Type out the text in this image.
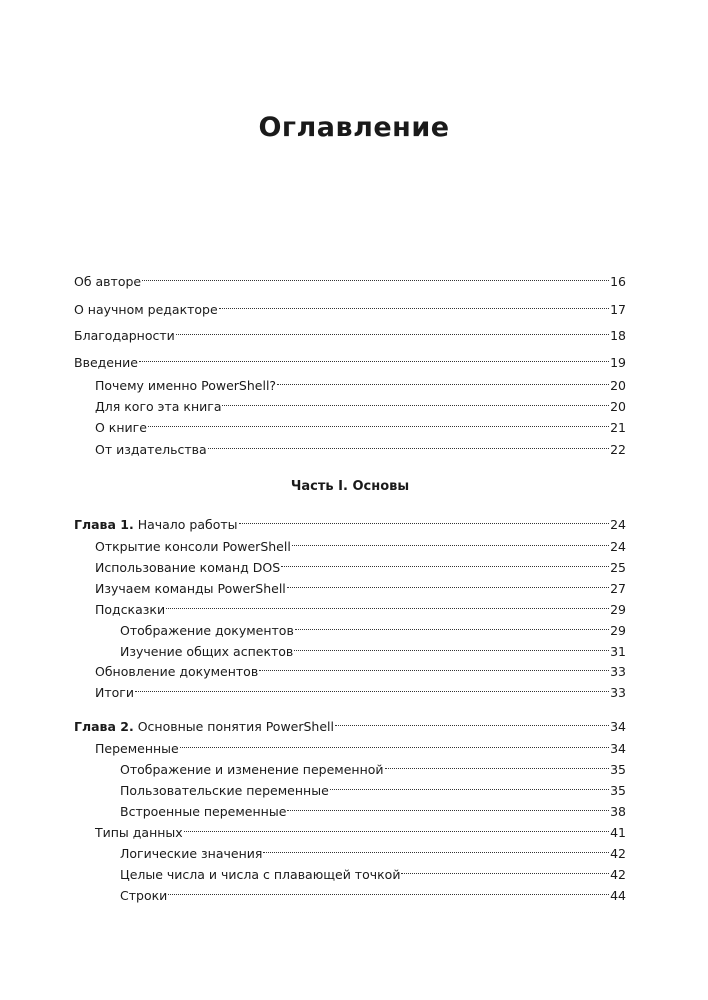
Оглавление
Об авторе	16
О научном редакторе	17
Благодарности	18
Введение	19
Почему именно PowerShell?	20
Для кого эта книга	20
О книге	21
От издательства	22
Часть I. Основы
Глава 1. Начало работы	24
Открытие консоли PowerShell	24
Использование команд DOS	25
Изучаем команды PowerShell	27
Подсказки	29
Отображение документов	29
Изучение общих аспектов	31
Обновление документов	33
Итоги	33
Глава 2. Основные понятия PowerShell	34
Переменные	34
Отображение и изменение переменной	35
Пользовательские переменные	35
Встроенные переменные	38
Типы данных	41
Логические значения	42
Целые числа и числа с плавающей точкой	42
Строки	44
